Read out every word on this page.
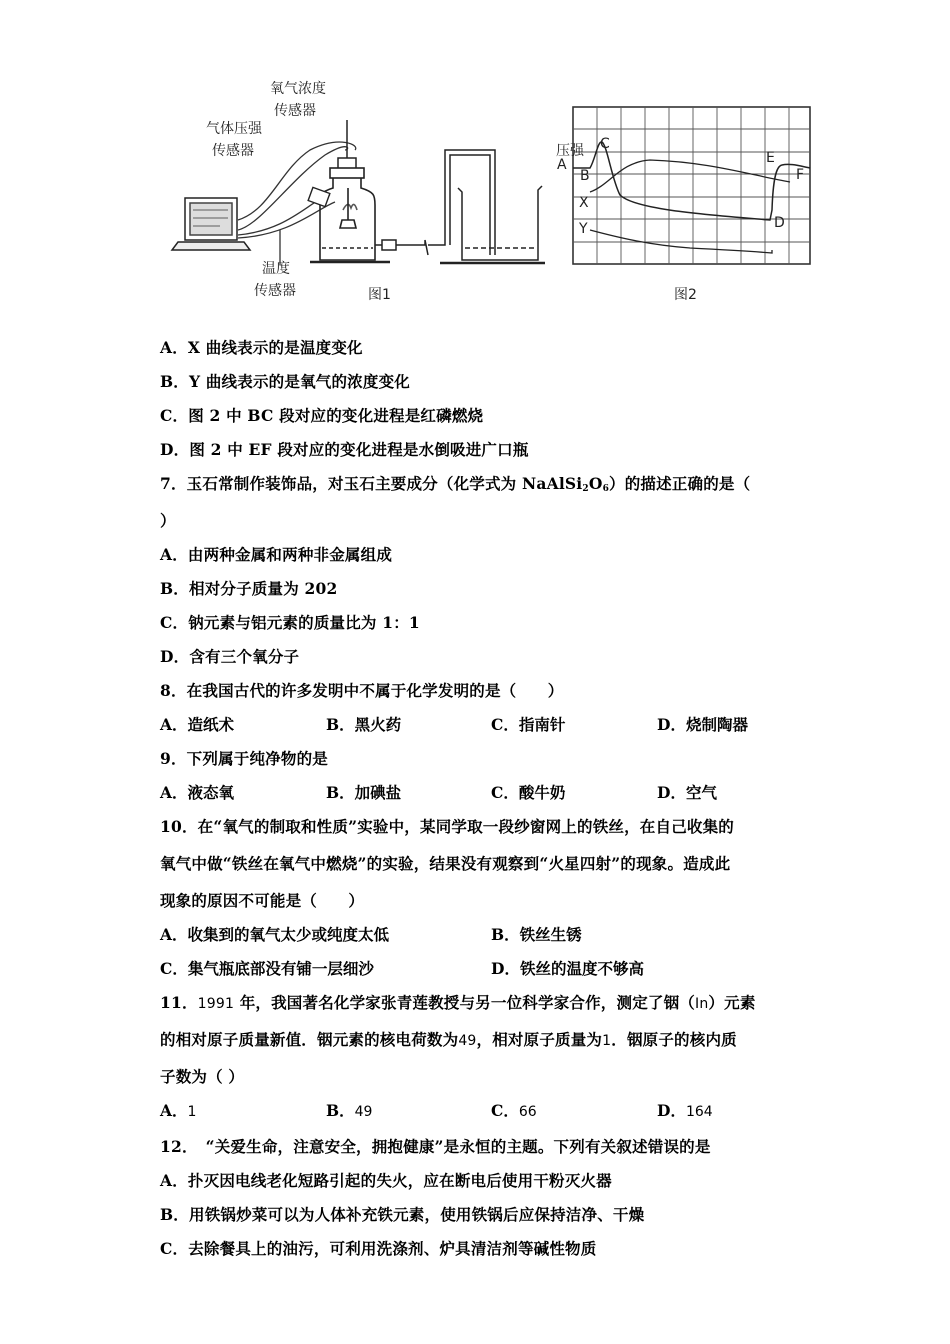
氧气浓度
传感器
气体压强
传感器
温度
传感器	图1	图2
压强
A
B
C
D
E
F
X
Y
A．X 曲线表示的是温度变化
B．Y 曲线表示的是氧气的浓度变化
C．图 2 中 BC 段对应的变化进程是红磷燃烧
D．图 2 中 EF 段对应的变化进程是水倒吸进广口瓶
7．玉石常制作装饰品，对玉石主要成分（化学式为 $NaAlSi_2O_6$）的描述正确的是（
）
A．由两种金属和两种非金属组成
B．相对分子质量为 202
C．钠元素与铝元素的质量比为 1：1
D．含有三个氧分子
8．在我国古代的许多发明中不属于化学发明的是（　　）
A．造纸术	B．黑火药	C．指南针	D．烧制陶器
9．下列属于纯净物的是
A．液态氧	B．加碘盐	C．酸牛奶	D．空气
10．在“氧气的制取和性质”实验中，某同学取一段纱窗网上的铁丝，在自己收集的
氧气中做“铁丝在氧气中燃烧”的实验，结果没有观察到“火星四射”的现象。造成此
现象的原因不可能是（　　）
A．收集到的氧气太少或纯度太低	B．铁丝生锈
C．集气瓶底部没有铺一层细沙	D．铁丝的温度不够高
11．1991 年，我国著名化学家张青莲教授与另一位科学家合作，测定了铟（In）元素
的相对原子质量新值．铟元素的核电荷数为49，相对原子质量为1．铟原子的核内质
子数为（ ）
A．1	B．49	C．66	D．164
12．　“关爱生命，注意安全，拥抱健康”是永恒的主题。下列有关叙述错误的是
A．扑灭因电线老化短路引起的失火，应在断电后使用干粉灭火器
B．用铁锅炒菜可以为人体补充铁元素，使用铁锅后应保持洁净、干燥
C．去除餐具上的油污，可利用洗涤剂、炉具清洁剂等碱性物质
